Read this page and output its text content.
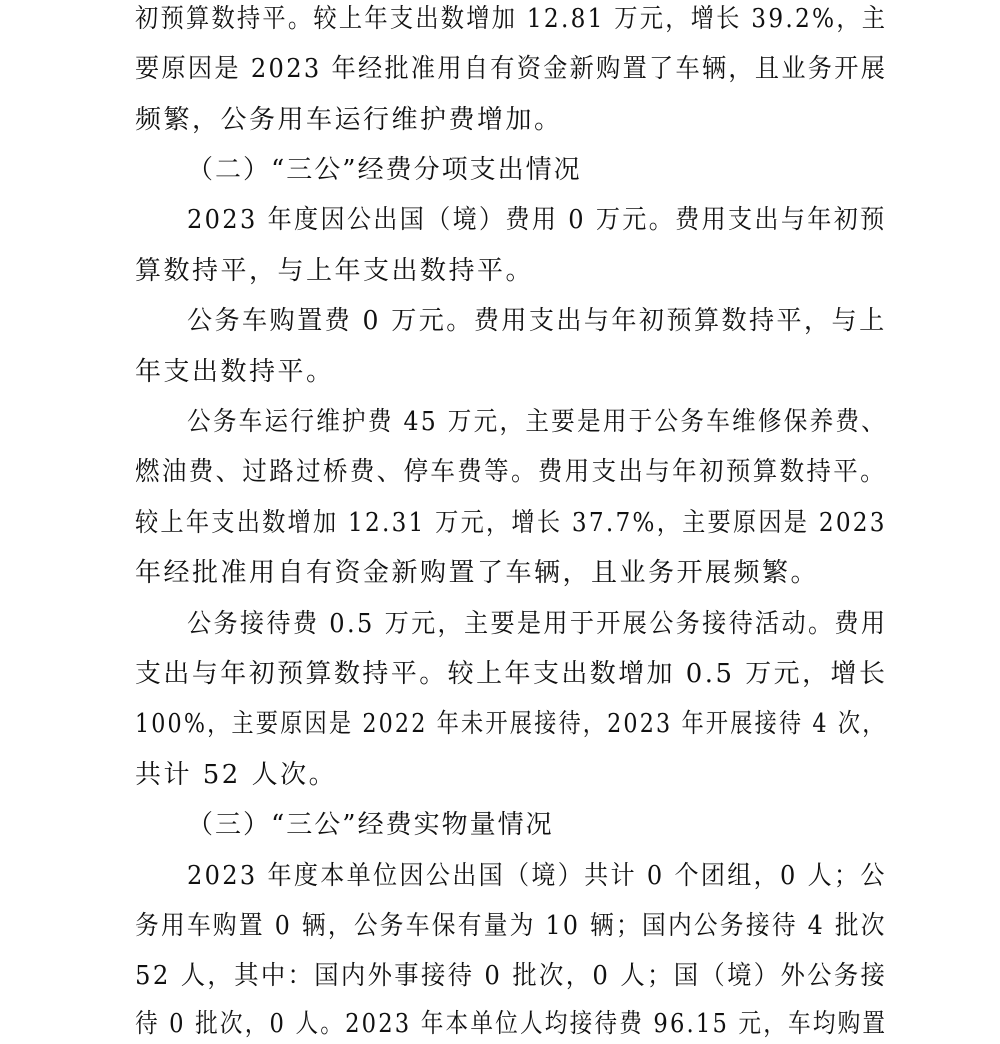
初预算数持平。较上年支出数增加 12.81 万元，增长 39.2%，主
要原因是 2023 年经批准用自有资金新购置了车辆，且业务开展
频繁，公务用车运行维护费增加。
（二）“三公”经费分项支出情况
2023 年度因公出国（境）费用 0 万元。费用支出与年初预
算数持平，与上年支出数持平。
公务车购置费 0 万元。费用支出与年初预算数持平，与上
年支出数持平。
公务车运行维护费 45 万元，主要是用于公务车维修保养费、
燃油费、过路过桥费、停车费等。费用支出与年初预算数持平。
较上年支出数增加 12.31 万元，增长 37.7%，主要原因是 2023
年经批准用自有资金新购置了车辆，且业务开展频繁。
公务接待费 0.5 万元，主要是用于开展公务接待活动。费用
支出与年初预算数持平。较上年支出数增加 0.5 万元，增长
100%，主要原因是 2022 年未开展接待，2023 年开展接待 4 次，
共计 52 人次。
（三）“三公”经费实物量情况
2023 年度本单位因公出国（境）共计 0 个团组，0 人；公
务用车购置 0 辆，公务车保有量为 10 辆；国内公务接待 4 批次
52 人，其中：国内外事接待 0 批次，0 人；国（境）外公务接
待 0 批次，0 人。2023 年本单位人均接待费 96.15 元，车均购置
